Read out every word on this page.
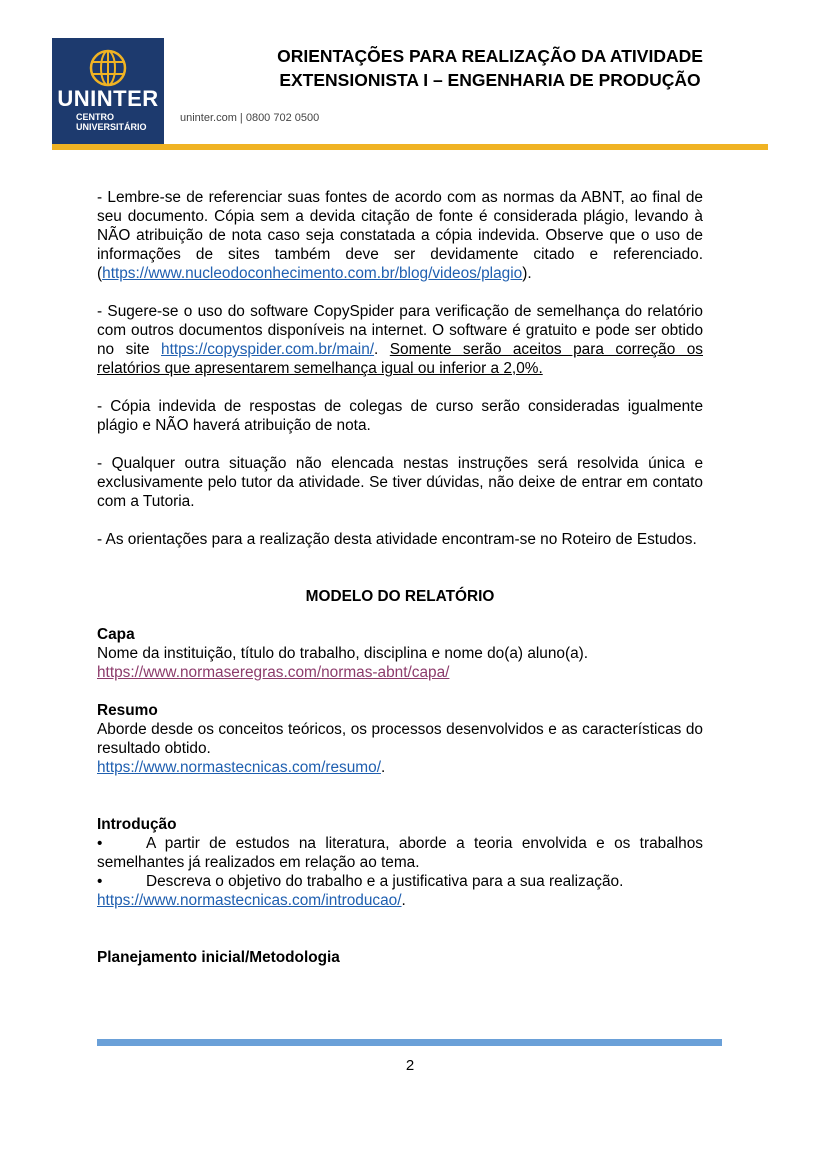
UNINTER
CENTRO
UNIVERSITÁRIO
ORIENTAÇÕES PARA REALIZAÇÃO DA ATIVIDADE
EXTENSIONISTA I – ENGENHARIA DE PRODUÇÃO
uninter.com | 0800 702 0500

- Lembre-se de referenciar suas fontes de acordo com as normas da ABNT, ao final de seu documento. Cópia sem a devida citação de fonte é considerada plágio, levando à NÃO atribuição de nota caso seja constatada a cópia indevida. Observe que o uso de informações de sites também deve ser devidamente citado e referenciado. (https://www.nucleodoconhecimento.com.br/blog/videos/plagio).

- Sugere-se o uso do software CopySpider para verificação de semelhança do relatório com outros documentos disponíveis na internet. O software é gratuito e pode ser obtido no site https://copyspider.com.br/main/. Somente serão aceitos para correção os relatórios que apresentarem semelhança igual ou inferior a 2,0%.

- Cópia indevida de respostas de colegas de curso serão consideradas igualmente plágio e NÃO haverá atribuição de nota.

- Qualquer outra situação não elencada nestas instruções será resolvida única e exclusivamente pelo tutor da atividade. Se tiver dúvidas, não deixe de entrar em contato com a Tutoria.

- As orientações para a realização desta atividade encontram-se no Roteiro de Estudos.

MODELO DO RELATÓRIO

Capa

Nome da instituição, título do trabalho, disciplina e nome do(a) aluno(a).

https://www.normaseregras.com/normas-abnt/capa/

Resumo

Aborde desde os conceitos teóricos, os processos desenvolvidos e as características do resultado obtido.

https://www.normastecnicas.com/resumo/.

Introdução

•	A partir de estudos na literatura, aborde a teoria envolvida e os trabalhos semelhantes já realizados em relação ao tema.

•	Descreva o objetivo do trabalho e a justificativa para a sua realização.

https://www.normastecnicas.com/introducao/.

Planejamento inicial/Metodologia

2
